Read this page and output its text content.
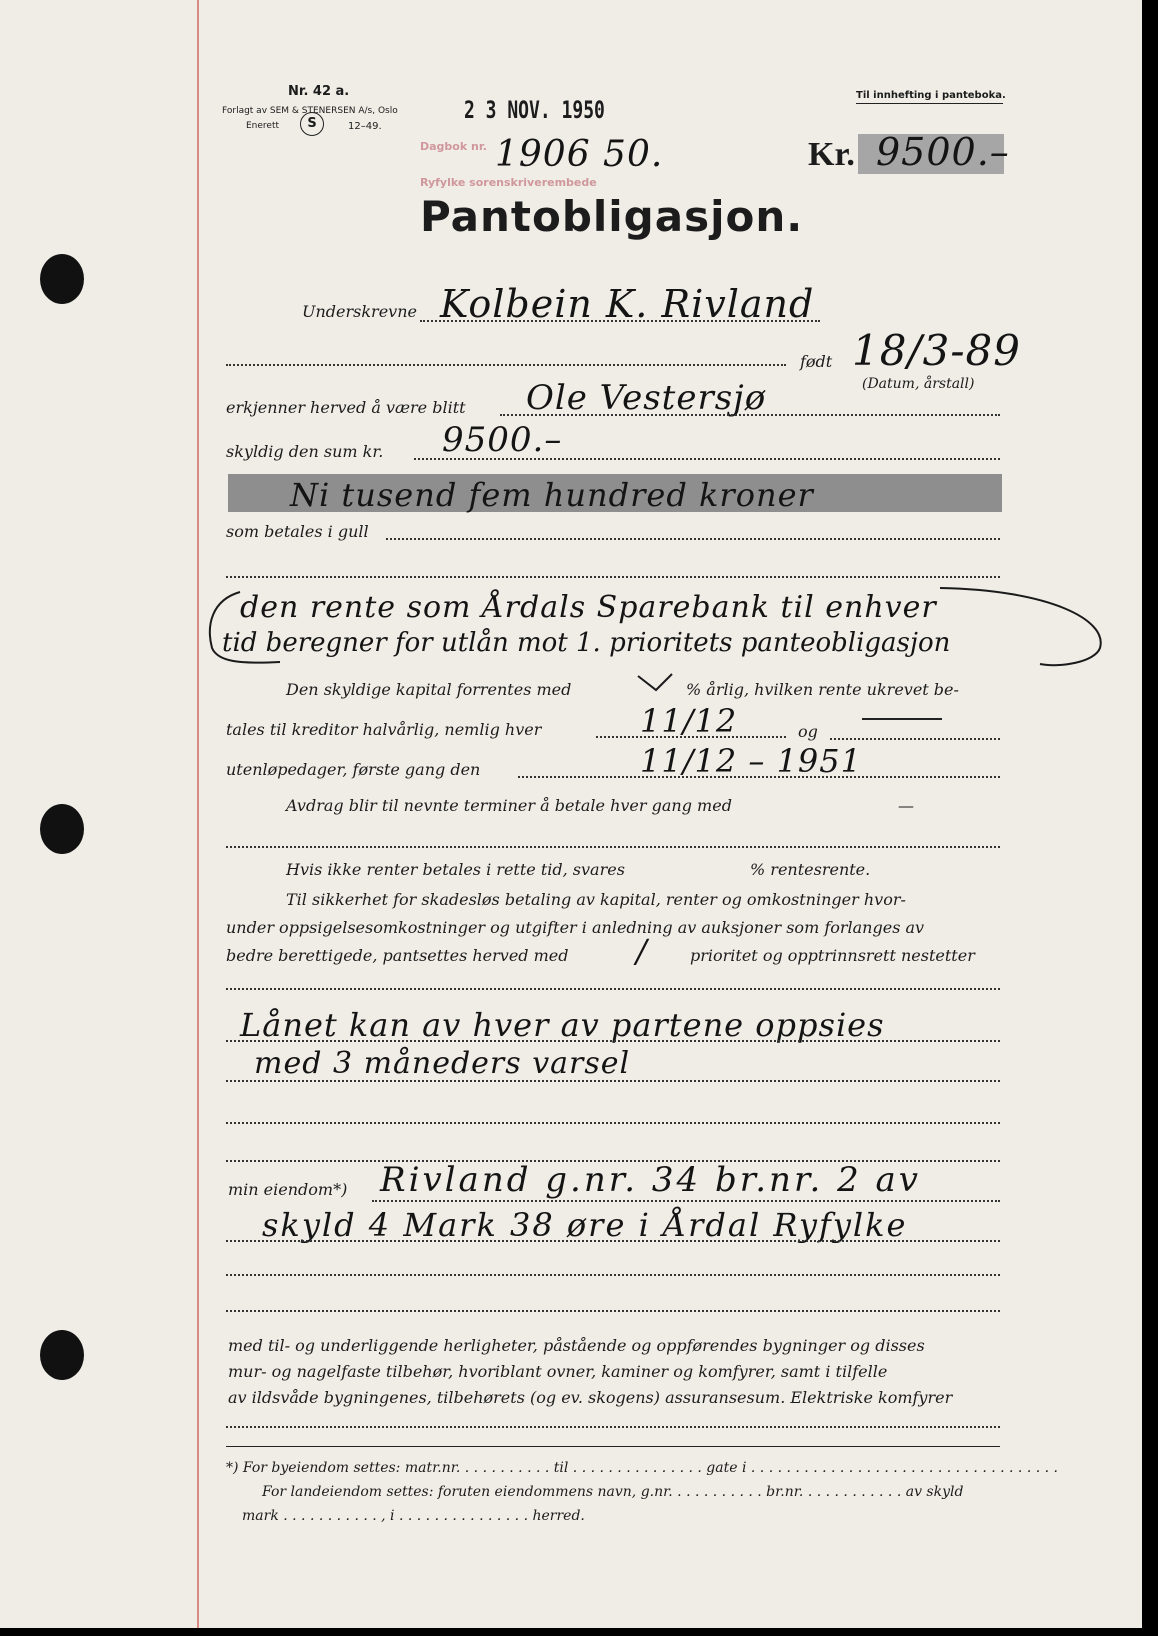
Nr. 42 a.
Forlagt av SEM & STENERSEN A/s, Oslo
Enerett	S	12–49.
2 3 NOV. 1950
Til innhefting i panteboka.
Dagbok nr.
Ryfylke sorenskriverembede
1906 50.	Kr. 9500.–
Pantobligasjon.
Underskrevne Kolbein K. Rivland
født 18/3-89
(Datum, årstall)
erkjenner herved å være blitt Ole Vestersjø
skyldig den sum kr. 9500.–
Ni tusend fem hundred kroner
som betales i gull
den rente som Årdals Sparebank til enhver
tid beregner for utlån mot 1. prioritets panteobligasjon
Den skyldige kapital forrentes med	% årlig, hvilken rente ukrevet be-
tales til kreditor halvårlig, nemlig hver	11/12	og
utenløpedager, første gang den	11/12 – 1951
Avdrag blir til nevnte terminer å betale hver gang med	—
Hvis ikke renter betales i rette tid, svares	% rentesrente.
Til sikkerhet for skadesløs betaling av kapital, renter og omkostninger hvor-
under oppsigelsesomkostninger og utgifter i anledning av auksjoner som forlanges av
bedre berettigede, pantsettes herved med /	prioritet og opptrinnsrett nestetter
Lånet kan av hver av partene oppsies
med 3 måneders varsel
min eiendom*) Rivland g.nr. 34 br.nr. 2 av
skyld 4 Mark 38 øre i Årdal Ryfylke
med til- og underliggende herligheter, påstående og oppførendes bygninger og disses
mur- og nagelfaste tilbehør, hvoriblant ovner, kaminer og komfyrer, samt i tilfelle
av ildsvåde bygningenes, tilbehørets (og ev. skogens) assuransesum. Elektriske komfyrer
*) For byeiendom settes: matr.nr. . . . . . . . . . . til . . . . . . . . . . . . . . . gate i . . . . . . . . . . . . . . . . . . . . . . . . . . . . . . . . . . .
For landeiendom settes: foruten eiendommens navn, g.nr. . . . . . . . . . . br.nr. . . . . . . . . . . . av skyld
mark . . . . . . . . . . . , i . . . . . . . . . . . . . . . herred.
